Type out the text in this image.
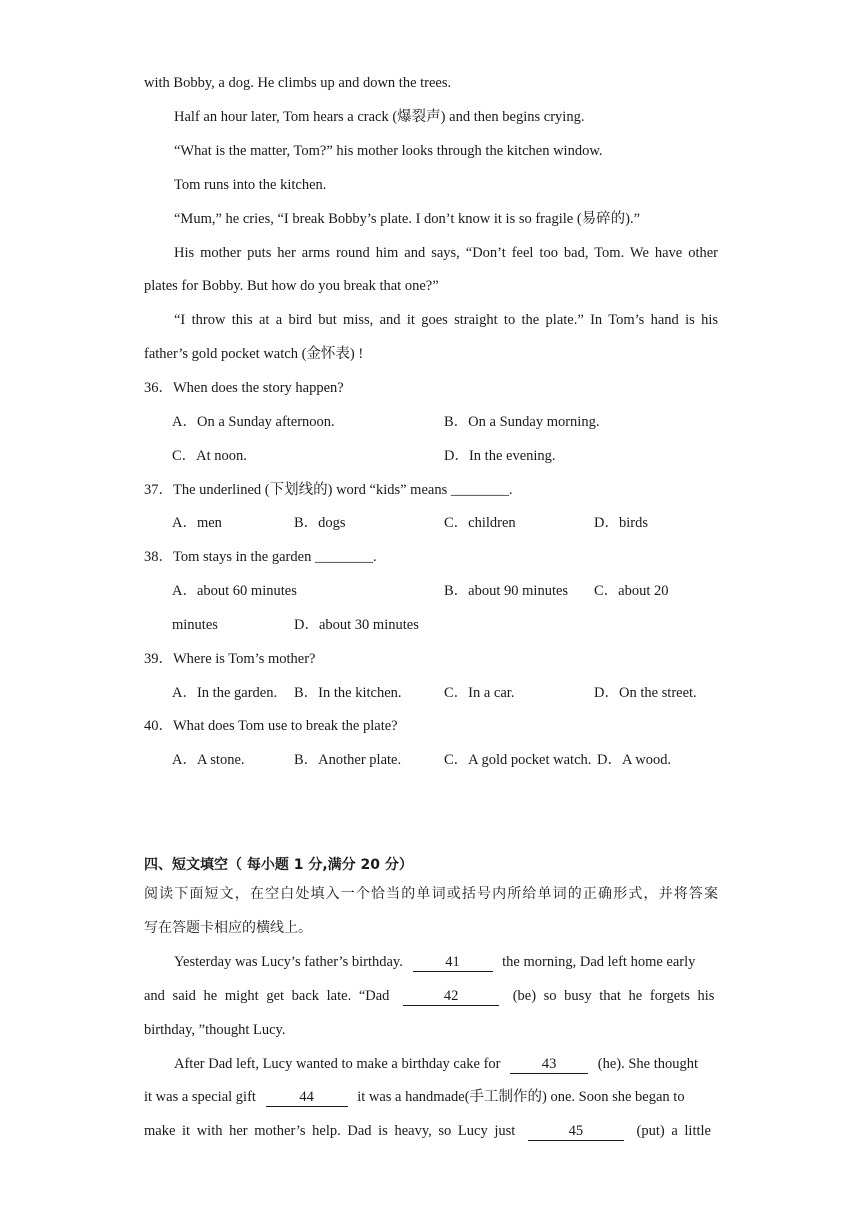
with Bobby, a dog. He climbs up and down the trees.
Half an hour later, Tom hears a crack (爆裂声) and then begins crying.
“What is the matter, Tom?” his mother looks through the kitchen window.
Tom runs into the kitchen.
“Mum,” he cries, “I break Bobby’s plate. I don’t know it is so fragile (易碎的).”
His mother puts her arms round him and says, “Don’t feel too bad, Tom. We have other
plates for Bobby. But how do you break that one?”
“I throw this at a bird but miss, and it goes straight to the plate.” In Tom’s hand is his
father’s gold pocket watch (金怀表) !
36．When does the story happen?
A．On a Sunday afternoon.	B．On a Sunday morning.
C．At noon.	D．In the evening.
37．The underlined (下划线的) word “kids” means ________.
A．men	B．dogs	C．children	D．birds
38．Tom stays in the garden ________.
A．about 60 minutes	B．about 90 minutes C．about 20
minutes	D．about 30 minutes
39．Where is Tom’s mother?
A．In the garden. B．In the kitchen.	C．In a car.	D．On the street.
40．What does Tom use to break the plate?
A．A stone.	B．Another plate.	C．A gold pocket watch. D．A wood.
四、短文填空（ 每小题 1 分,满分 20 分）
阅读下面短文，在空白处填入一个恰当的单词或括号内所给单词的正确形式，并将答案
写在答题卡相应的横线上。
Yesterday was Lucy’s father’s birthday.	41	the morning, Dad left home early
and said he might get back late. “Dad	42	(be) so busy that he forgets his
birthday, ”thought Lucy.
After Dad left, Lucy wanted to make a birthday cake for	43	(he). She thought
it was a special gift	44	it was a handmade(手工制作的) one. Soon she began to
make it with her mother’s help. Dad is heavy, so Lucy just	45	(put) a little
